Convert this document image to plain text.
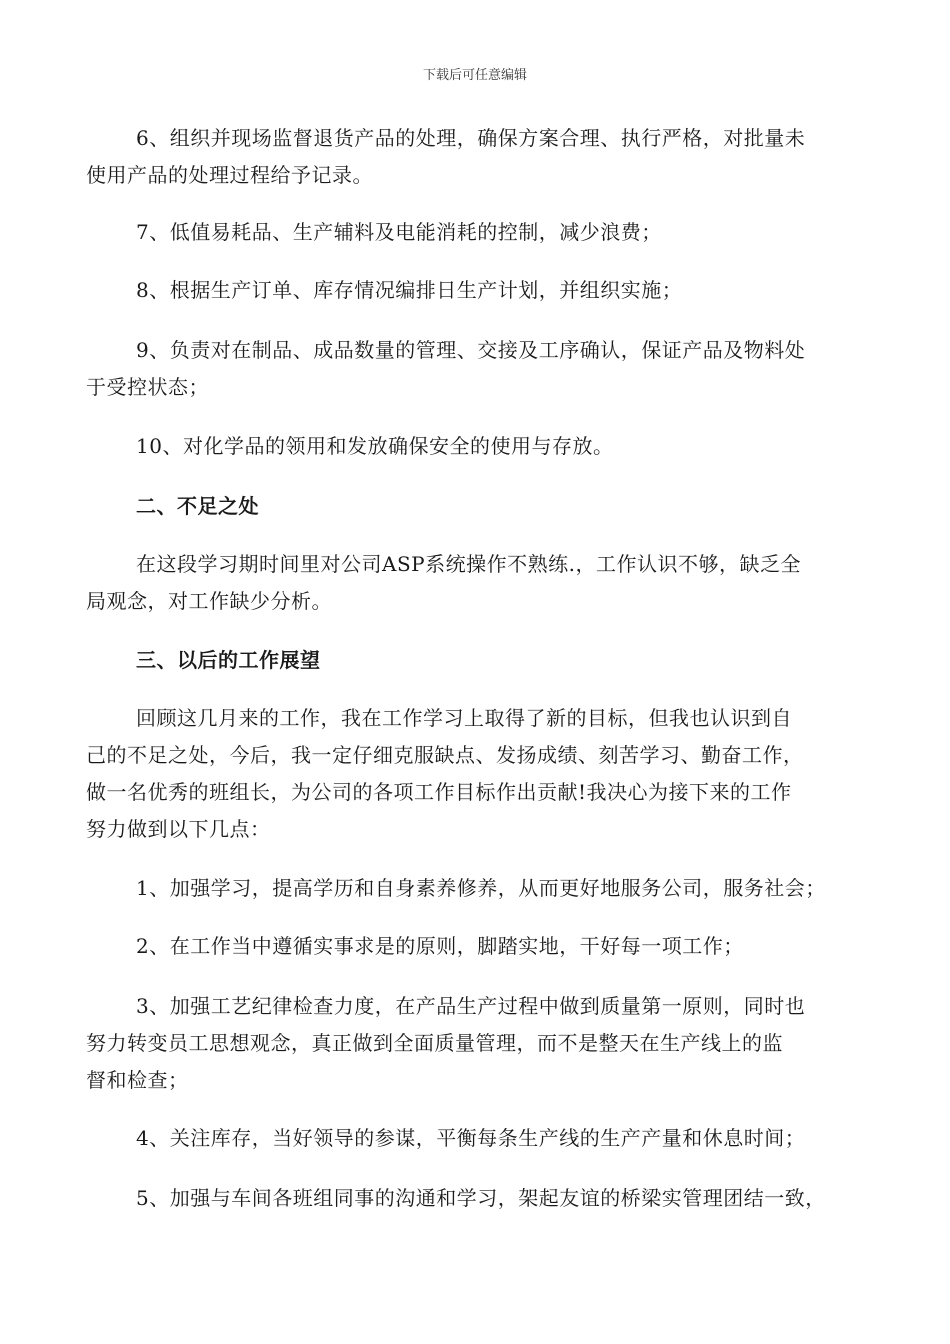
下载后可任意编辑
6、组织并现场监督退货产品的处理，确保方案合理、执行严格，对批量未
使用产品的处理过程给予记录。
7、低值易耗品、生产辅料及电能消耗的控制，减少浪费；
8、根据生产订单、库存情况编排日生产计划，并组织实施；
9、负责对在制品、成品数量的管理、交接及工序确认，保证产品及物料处
于受控状态；
10、对化学品的领用和发放确保安全的使用与存放。
二、不足之处
在这段学习期时间里对公司ASP系统操作不熟练.，工作认识不够，缺乏全
局观念，对工作缺少分析。
三、以后的工作展望
回顾这几月来的工作，我在工作学习上取得了新的目标，但我也认识到自
己的不足之处，今后，我一定仔细克服缺点、发扬成绩、刻苦学习、勤奋工作，
做一名优秀的班组长，为公司的各项工作目标作出贡献!我决心为接下来的工作
努力做到以下几点：
1、加强学习，提高学历和自身素养修养，从而更好地服务公司，服务社会；
2、在工作当中遵循实事求是的原则，脚踏实地，干好每一项工作；
3、加强工艺纪律检查力度，在产品生产过程中做到质量第一原则，同时也
努力转变员工思想观念，真正做到全面质量管理，而不是整天在生产线上的监
督和检查；
4、关注库存，当好领导的参谋，平衡每条生产线的生产产量和休息时间；
5、加强与车间各班组同事的沟通和学习，架起友谊的桥梁实管理团结一致，
